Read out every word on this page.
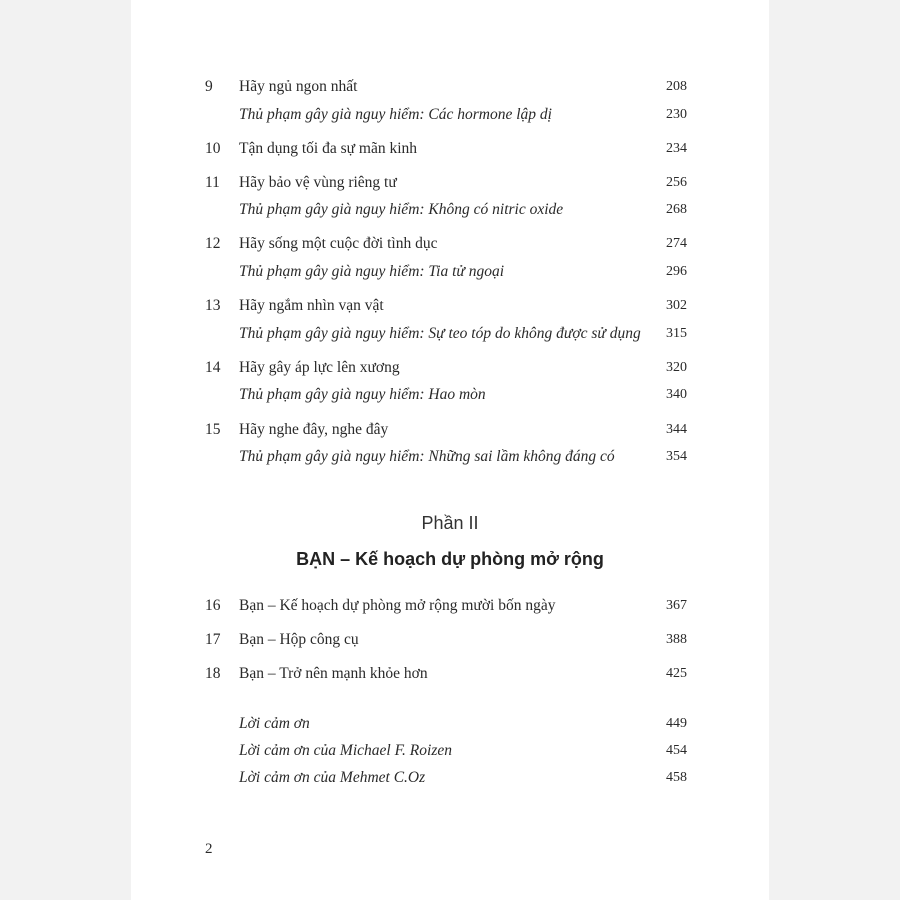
9	Hãy ngủ ngon nhất	208
Thủ phạm gây già nguy hiểm: Các hormone lập dị	230
10	Tận dụng tối đa sự mãn kinh	234
11	Hãy bảo vệ vùng riêng tư	256
Thủ phạm gây già nguy hiểm: Không có nitric oxide	268
12	Hãy sống một cuộc đời tình dục	274
Thủ phạm gây già nguy hiểm: Tia tử ngoại	296
13	Hãy ngắm nhìn vạn vật	302
Thủ phạm gây già nguy hiểm: Sự teo tóp do không được sử dụng 315
14	Hãy gây áp lực lên xương	320
Thủ phạm gây già nguy hiểm: Hao mòn	340
15	Hãy nghe đây, nghe đây	344
Thủ phạm gây già nguy hiểm: Những sai lầm không đáng có	354
Phần II
BẠN – Kế hoạch dự phòng mở rộng
16	Bạn – Kế hoạch dự phòng mở rộng mười bốn ngày	367
17	Bạn – Hộp công cụ	388
18	Bạn – Trở nên mạnh khỏe hơn	425
Lời cảm ơn	449
Lời cảm ơn của Michael F. Roizen	454
Lời cảm ơn của Mehmet C.Oz	458
2
